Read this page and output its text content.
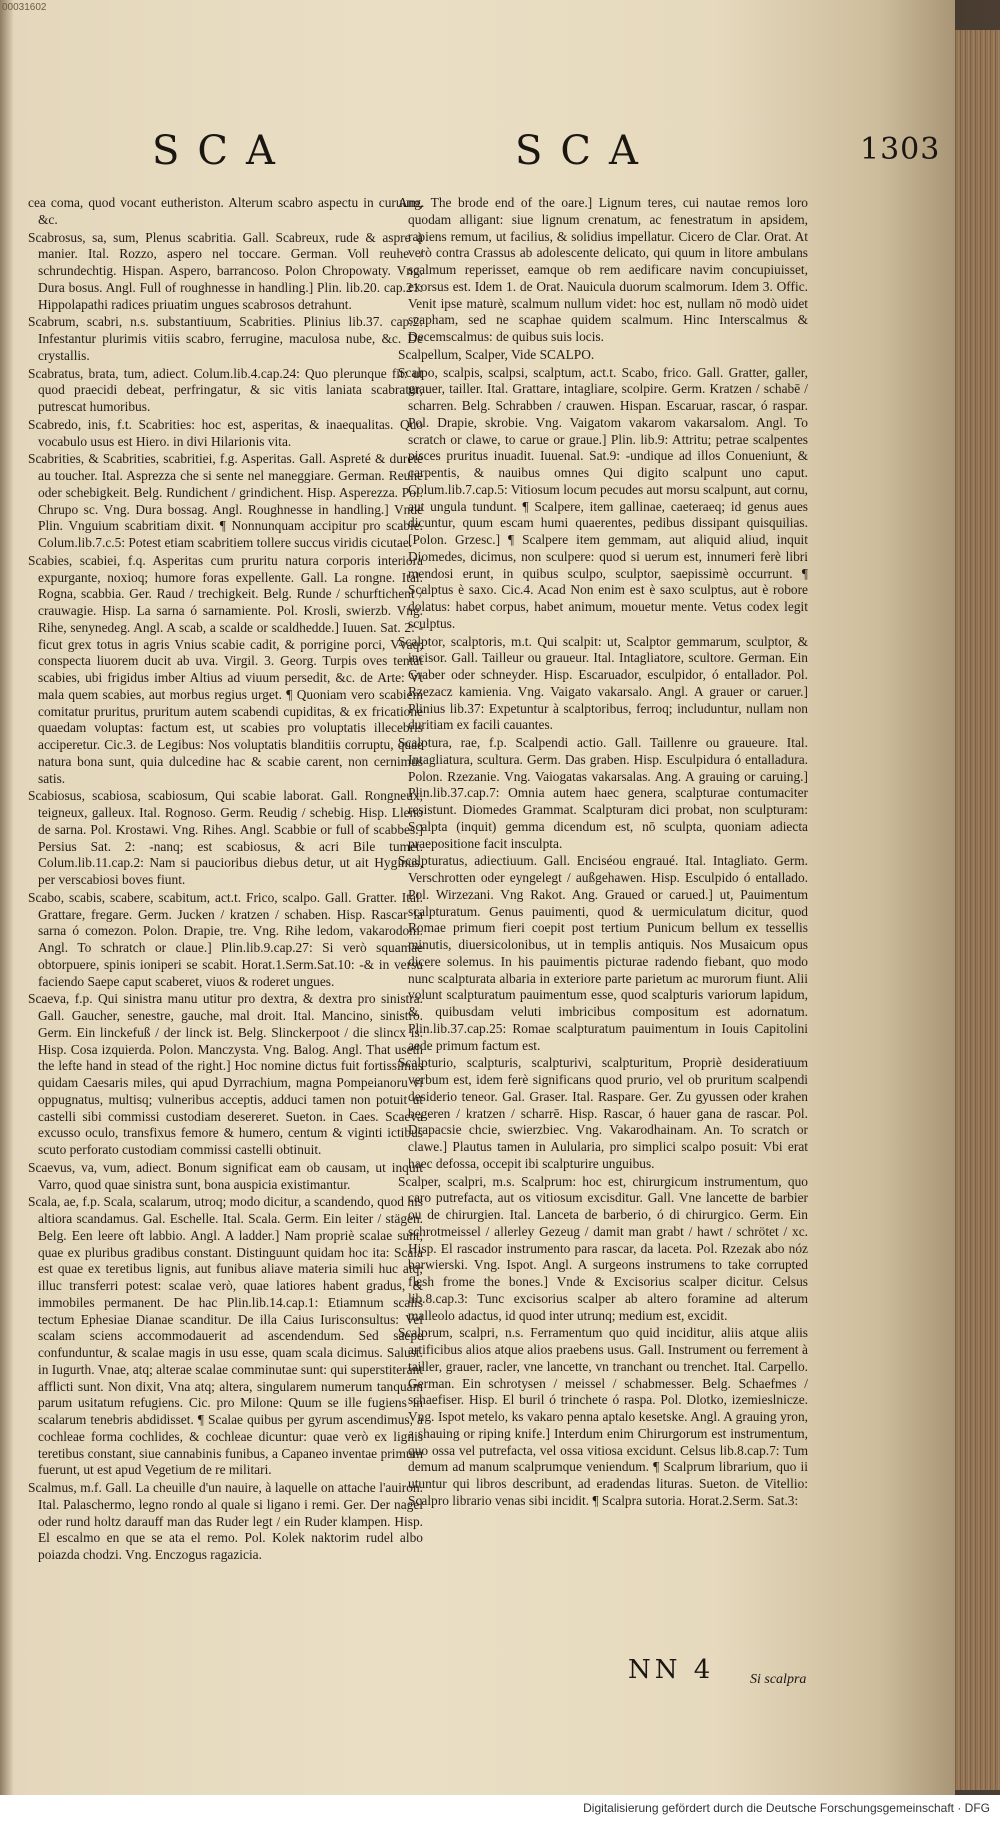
00031602
SCA	SCA	1303

cea coma, quod vocant eutheriston. Alterum scabro aspectu in curuum, &c.

Scabrosus, sa, sum, Plenus scabritia. Gall. Scabreux, rude & aspre à manier. Ital. Rozzo, aspero nel toccare. German. Voll reuhe / schrundechtig. Hispan. Aspero, barrancoso. Polon Chropowaty. Vng. Dura bosus. Angl. Full of roughnesse in handling.] Plin. lib.20. cap.21: Hippolapathi radices priuatim ungues scabrosos detrahunt.

Scabrum, scabri, n.s. substantiuum, Scabrities. Plinius lib.37. cap.2: Infestantur plurimis vitiis scabro, ferrugine, maculosa nube, &c. De crystallis.

Scabratus, brata, tum, adiect. Colum.lib.4.cap.24: Quo plerunque fit: ut quod praecidi debeat, perfringatur, & sic vitis laniata scabratur, putrescat humoribus.

Scabredo, inis, f.t. Scabrities: hoc est, asperitas, & inaequalitas. Quo vocabulo usus est Hiero. in divi Hilarionis vita.

Scabrities, & Scabrities, scabritiei, f.g. Asperitas. Gall. Aspreté & dureté au toucher. Ital. Asprezza che si sente nel maneggiare. German. Reuhe oder schebigkeit. Belg. Rundichent / grindichent. Hisp. Asperezza. Pol. Chrupo sc. Vng. Dura bossag. Angl. Roughnesse in handling.] Vnde Plin. Vnguium scabritiam dixit. ¶ Nonnunquam accipitur pro scabie. Colum.lib.7.c.5: Potest etiam scabritiem tollere succus viridis cicutae.

Scabies, scabiei, f.q. Asperitas cum pruritu natura corporis interiora expurgante, noxioq; humore foras expellente. Gall. La rongne. Ital. Rogna, scabbia. Ger. Raud / trechigkeit. Belg. Runde / schurftichent / crauwagie. Hisp. La sarna ó sarnamiente. Pol. Krosli, swierzb. Vng. Rihe, senynedeg. Angl. A scab, a scalde or scaldhedde.] Iuuen. Sat. 2: -ficut grex totus in agris Vnius scabie cadit, & porrigine porci, Vvaq; conspecta liuorem ducit ab uva. Virgil. 3. Georg. Turpis oves tentat scabies, ubi frigidus imber Altius ad viuum persedit, &c. de Arte: Vt mala quem scabies, aut morbus regius urget. ¶ Quoniam vero scabiem comitatur pruritus, pruritum autem scabendi cupiditas, & ex fricatione quaedam voluptas: factum est, ut scabies pro voluptatis illecebris acciperetur. Cic.3. de Legibus: Nos voluptatis blanditiis corruptu, quae natura bona sunt, quia dulcedine hac & scabie carent, non cernimus satis.

Scabiosus, scabiosa, scabiosum, Qui scabie laborat. Gall. Rongneux, teigneux, galleux. Ital. Rognoso. Germ. Reudig / schebig. Hisp. Lleno de sarna. Pol. Krostawi. Vng. Rihes. Angl. Scabbie or full of scabbes.] Persius Sat. 2: -nanq; est scabiosus, & acri Bile tumet. Colum.lib.11.cap.2: Nam si paucioribus diebus detur, ut ait Hyginus, per verscabiosi boves fiunt.

Scabo, scabis, scabere, scabitum, act.t. Frico, scalpo. Gall. Gratter. Ital. Grattare, fregare. Germ. Jucken / kratzen / schaben. Hisp. Rascar la sarna ó comezon. Polon. Drapie, tre. Vng. Rihe ledom, vakarodom. Angl. To schratch or claue.] Plin.lib.9.cap.27: Si verò squamae obtorpuere, spinis ioniperi se scabit. Horat.1.Serm.Sat.10: -& in versu faciendo Saepe caput scaberet, viuos & roderet ungues.

Scaeva, f.p. Qui sinistra manu utitur pro dextra, & dextra pro sinistra. Gall. Gaucher, senestre, gauche, mal droit. Ital. Mancino, sinistro. Germ. Ein linckefuß / der linck ist. Belg. Slinckerpoot / die slincx is. Hisp. Cosa izquierda. Polon. Manczysta. Vng. Balog. Angl. That useth the lefte hand in stead of the right.] Hoc nomine dictus fuit fortissimus quidam Caesaris miles, qui apud Dyrrachium, magna Pompeianoru vi oppugnatus, multisq; vulneribus acceptis, adduci tamen non potuit ut castelli sibi commissi custodiam desereret. Sueton. in Caes. Scaeva excusso oculo, transfixus femore & humero, centum & viginti ictibus scuto perforato custodiam commissi castelli obtinuit.

Scaevus, va, vum, adiect. Bonum significat eam ob causam, ut inquit Varro, quod quae sinistra sunt, bona auspicia existimantur.

Scala, ae, f.p. Scala, scalarum, utroq; modo dicitur, a scandendo, quod his altiora scandamus. Gal. Eschelle. Ital. Scala. Germ. Ein leiter / stägen. Belg. Een leere oft labbio. Angl. A ladder.] Nam propriè scalae sunt, quae ex pluribus gradibus constant. Distinguunt quidam hoc ita: Scala est quae ex teretibus lignis, aut funibus aliave materia simili huc atq; illuc transferri potest: scalae verò, quae latiores habent gradus, & immobiles permanent. De hac Plin.lib.14.cap.1: Etiamnum scalis tectum Ephesiae Dianae scanditur. De illa Caius Iurisconsultus: Vel scalam sciens accommodauerit ad ascendendum. Sed saepe confunduntur, & scalae magis in usu esse, quam scala dicimus. Salust. in Iugurth. Vnae, atq; alterae scalae comminutae sunt: qui superstiterant afflicti sunt. Non dixit, Vna atq; altera, singularem numerum tanquam parum usitatum refugiens. Cic. pro Milone: Quum se ille fugiens in scalarum tenebris abdidisset. ¶ Scalae quibus per gyrum ascendimus, a cochleae forma cochlides, & cochleae dicuntur: quae verò ex lignis teretibus constant, siue cannabinis funibus, a Capaneo inventae primum fuerunt, ut est apud Vegetium de re militari.

Scalmus, m.f. Gall. La cheuille d'un nauire, à laquelle on attache l'auiron. Ital. Palaschermo, legno rondo al quale si ligano i remi. Ger. Der nagel oder rund holtz darauff man das Ruder legt / ein Ruder klampen. Hisp. El escalmo en que se ata el remo. Pol. Kolek naktorim rudel albo poiazda chodzi. Vng. Enczogus ragazicia.

Ang. The brode end of the oare.] Lignum teres, cui nautae remos loro quodam alligant: siue lignum crenatum, ac fenestratum in apsidem, rapiens remum, ut facilius, & solidius impellatur. Cicero de Clar. Orat. At verò contra Crassus ab adolescente delicato, qui quum in litore ambulans scalmum reperisset, eamque ob rem aedificare navim concupiuisset, exorsus est. Idem 1. de Orat. Nauicula duorum scalmorum. Idem 3. Offic. Venit ipse maturè, scalmum nullum videt: hoc est, nullam nō modò uidet scapham, sed ne scaphae quidem scalmum. Hinc Interscalmus & Decemscalmus: de quibus suis locis.

Scalpellum, Scalper, Vide SCALPO.

Scalpo, scalpis, scalpsi, scalptum, act.t. Scabo, frico. Gall. Gratter, galler, grauer, tailler. Ital. Grattare, intagliare, scolpire. Germ. Kratzen / schabē / scharren. Belg. Schrabben / crauwen. Hispan. Escaruar, rascar, ó raspar. Pol. Drapie, skrobie. Vng. Vaigatom vakarom vakarsalom. Angl. To scratch or clawe, to carue or graue.] Plin. lib.9: Attritu; petrae scalpentes pisces pruritus inuadit. Iuuenal. Sat.9: -undique ad illos Conueniunt, & carpentis, & nauibus omnes Qui digito scalpunt uno caput. Colum.lib.7.cap.5: Vitiosum locum pecudes aut morsu scalpunt, aut cornu, aut ungula tundunt. ¶ Scalpere, item gallinae, caeteraeq; id genus aues dicuntur, quum escam humi quaerentes, pedibus dissipant quisquilias. [Polon. Grzesc.] ¶ Scalpere item gemmam, aut aliquid aliud, inquit Diomedes, dicimus, non sculpere: quod si uerum est, innumeri ferè libri mendosi erunt, in quibus sculpo, sculptor, saepissimè occurrunt. ¶ Scalptus è saxo. Cic.4. Acad Non enim est è saxo sculptus, aut è robore dolatus: habet corpus, habet animum, mouetur mente. Vetus codex legit sculptus.

Scalptor, scalptoris, m.t. Qui scalpit: ut, Scalptor gemmarum, sculptor, & incisor. Gall. Tailleur ou graueur. Ital. Intagliatore, scultore. German. Ein Graber oder schneyder. Hisp. Escaruador, esculpidor, ó entallador. Pol. Rzezacz kamienia. Vng. Vaigato vakarsalo. Angl. A grauer or caruer.] Plinius lib.37: Expetuntur à scalptoribus, ferroq; includuntur, nullam non duritiam ex facili cauantes.

Scalptura, rae, f.p. Scalpendi actio. Gall. Taillenre ou graueure. Ital. Intagliatura, scultura. Germ. Das graben. Hisp. Esculpidura ó entalladura. Polon. Rzezanie. Vng. Vaiogatas vakarsalas. Ang. A grauing or caruing.] Plin.lib.37.cap.7: Omnia autem haec genera, scalpturae contumaciter resistunt. Diomedes Grammat. Scalpturam dici probat, non sculpturam: Scalpta (inquit) gemma dicendum est, nō sculpta, quoniam adiecta praepositione facit insculpta.

Scalpturatus, adiectiuum. Gall. Enciséou engraué. Ital. Intagliato. Germ. Verschrotten oder eyngelegt / außgehawen. Hisp. Esculpido ó entallado. Pol. Wirzezani. Vng Rakot. Ang. Graued or carued.] ut, Pauimentum scalpturatum. Genus pauimenti, quod & uermiculatum dicitur, quod Romae primum fieri coepit post tertium Punicum bellum ex tessellis minutis, diuersicolonibus, ut in templis antiquis. Nos Musaicum opus dicere solemus. In his pauimentis picturae radendo fiebant, quo modo nunc scalpturata albaria in exteriore parte parietum ac murorum fiunt. Alii volunt scalpturatum pauimentum esse, quod scalpturis variorum lapidum, & quibusdam veluti imbricibus compositum est adornatum. Plin.lib.37.cap.25: Romae scalpturatum pauimentum in Iouis Capitolini aede primum factum est.

Scalpturio, scalpturis, scalpturivi, scalpturitum, Propriè desideratiuum verbum est, idem ferè significans quod prurio, vel ob pruritum scalpendi desiderio teneor. Gal. Graser. Ital. Raspare. Ger. Zu gyussen oder krahen begeren / kratzen / scharrē. Hisp. Rascar, ó hauer gana de rascar. Pol. Drapacsie chcie, swierzbiec. Vng. Vakarodhainam. An. To scratch or clawe.] Plautus tamen in Aulularia, pro simplici scalpo posuit: Vbi erat haec defossa, occepit ibi scalpturire unguibus.

Scalper, scalpri, m.s. Scalprum: hoc est, chirurgicum instrumentum, quo caro putrefacta, aut os vitiosum excisditur. Gall. Vne lancette de barbier ou de chirurgien. Ital. Lanceta de barberio, ó di chirurgico. Germ. Ein schrotmeissel / allerley Gezeug / damit man grabt / hawt / schrötet / xc. Hisp. El rascador instrumento para rascar, da laceta. Pol. Rzezak abo nóz barwierski. Vng. Ispot. Angl. A surgeons instrumens to take corrupted flesh frome the bones.] Vnde & Excisorius scalper dicitur. Celsus lib.8.cap.3: Tunc excisorius scalper ab altero foramine ad alterum malleolo adactus, id quod inter utrunq; medium est, excidit.

Scalprum, scalpri, n.s. Ferramentum quo quid inciditur, aliis atque aliis artificibus alios atque alios praebens usus. Gall. Instrument ou ferrement à tailler, grauer, racler, vne lancette, vn tranchant ou trenchet. Ital. Carpello. German. Ein schrotysen / meissel / schabmesser. Belg. Schaefmes / schaefiser. Hisp. El buril ó trinchete ó raspa. Pol. Dlotko, izemieslnicze. Vng. Ispot metelo, ks vakaro penna aptalo kesetske. Angl. A grauing yron, a shauing or riping knife.] Interdum enim Chirurgorum est instrumentum, quo ossa vel putrefacta, vel ossa vitiosa excidunt. Celsus lib.8.cap.7: Tum demum ad manum scalprumque veniendum. ¶ Scalprum librarium, quo ii utuntur qui libros describunt, ad eradendas lituras. Sueton. de Vitellio: Scalpro librario venas sibi incidit. ¶ Scalpra sutoria. Horat.2.Serm. Sat.3:

NN 4	Si scalpra
Digitalisierung gefördert durch die Deutsche Forschungsgemeinschaft · DFG
